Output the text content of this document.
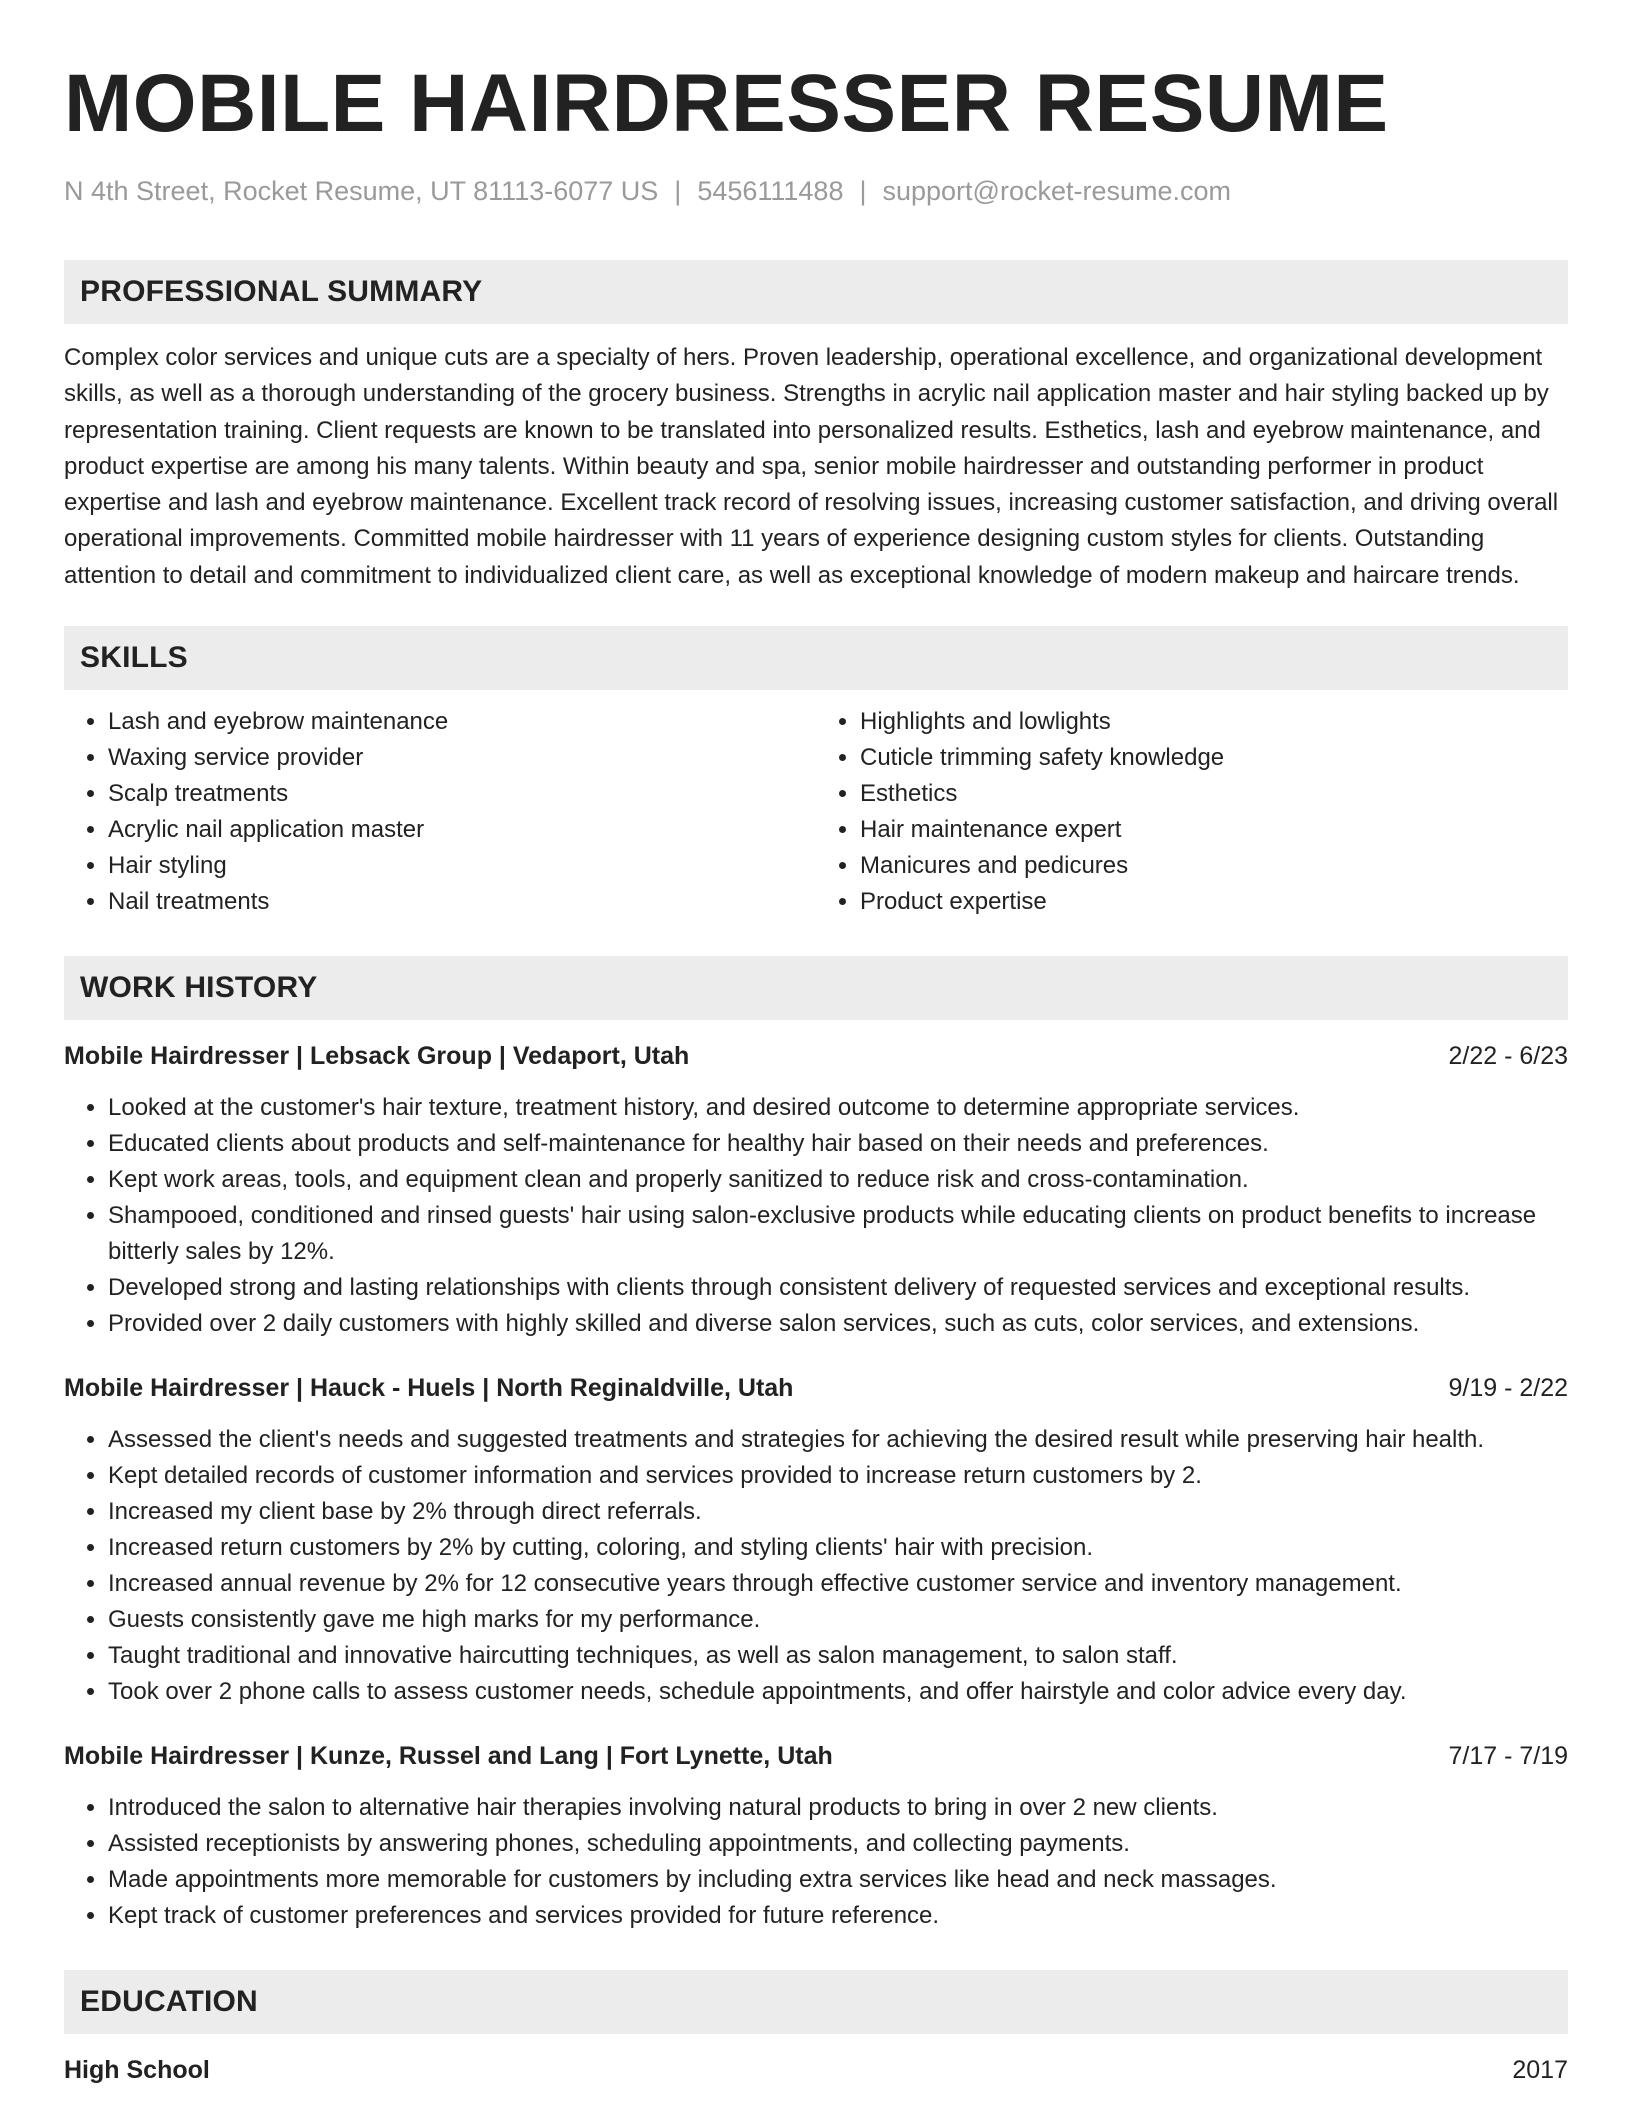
MOBILE HAIRDRESSER RESUME
N 4th Street, Rocket Resume, UT 81113-6077 US | 5456111488 | support@rocket-resume.com
PROFESSIONAL SUMMARY

Complex color services and unique cuts are a specialty of hers. Proven leadership, operational excellence, and organizational development skills, as well as a thorough understanding of the grocery business. Strengths in acrylic nail application master and hair styling backed up by representation training. Client requests are known to be translated into personalized results. Esthetics, lash and eyebrow maintenance, and product expertise are among his many talents. Within beauty and spa, senior mobile hairdresser and outstanding performer in product expertise and lash and eyebrow maintenance. Excellent track record of resolving issues, increasing customer satisfaction, and driving overall operational improvements. Committed mobile hairdresser with 11 years of experience designing custom styles for clients. Outstanding attention to detail and commitment to individualized client care, as well as exceptional knowledge of modern makeup and haircare trends.

SKILLS
• Lash and eyebrow maintenance
• Waxing service provider
• Scalp treatments
• Acrylic nail application master
• Hair styling
• Nail treatments
• Highlights and lowlights
• Cuticle trimming safety knowledge
• Esthetics
• Hair maintenance expert
• Manicures and pedicures
• Product expertise
WORK HISTORY
Mobile Hairdresser | Lebsack Group | Vedaport, Utah	2/22 - 6/23
• Looked at the customer's hair texture, treatment history, and desired outcome to determine appropriate services.
• Educated clients about products and self-maintenance for healthy hair based on their needs and preferences.
• Kept work areas, tools, and equipment clean and properly sanitized to reduce risk and cross-contamination.
• Shampooed, conditioned and rinsed guests' hair using salon-exclusive products while educating clients on product benefits to increase bitterly sales by 12%.
• Developed strong and lasting relationships with clients through consistent delivery of requested services and exceptional results.
• Provided over 2 daily customers with highly skilled and diverse salon services, such as cuts, color services, and extensions.
Mobile Hairdresser | Hauck - Huels | North Reginaldville, Utah	9/19 - 2/22
• Assessed the client's needs and suggested treatments and strategies for achieving the desired result while preserving hair health.
• Kept detailed records of customer information and services provided to increase return customers by 2.
• Increased my client base by 2% through direct referrals.
• Increased return customers by 2% by cutting, coloring, and styling clients' hair with precision.
• Increased annual revenue by 2% for 12 consecutive years through effective customer service and inventory management.
• Guests consistently gave me high marks for my performance.
• Taught traditional and innovative haircutting techniques, as well as salon management, to salon staff.
• Took over 2 phone calls to assess customer needs, schedule appointments, and offer hairstyle and color advice every day.
Mobile Hairdresser | Kunze, Russel and Lang | Fort Lynette, Utah	7/17 - 7/19
• Introduced the salon to alternative hair therapies involving natural products to bring in over 2 new clients.
• Assisted receptionists by answering phones, scheduling appointments, and collecting payments.
• Made appointments more memorable for customers by including extra services like head and neck massages.
• Kept track of customer preferences and services provided for future reference.
EDUCATION
High School	2017
